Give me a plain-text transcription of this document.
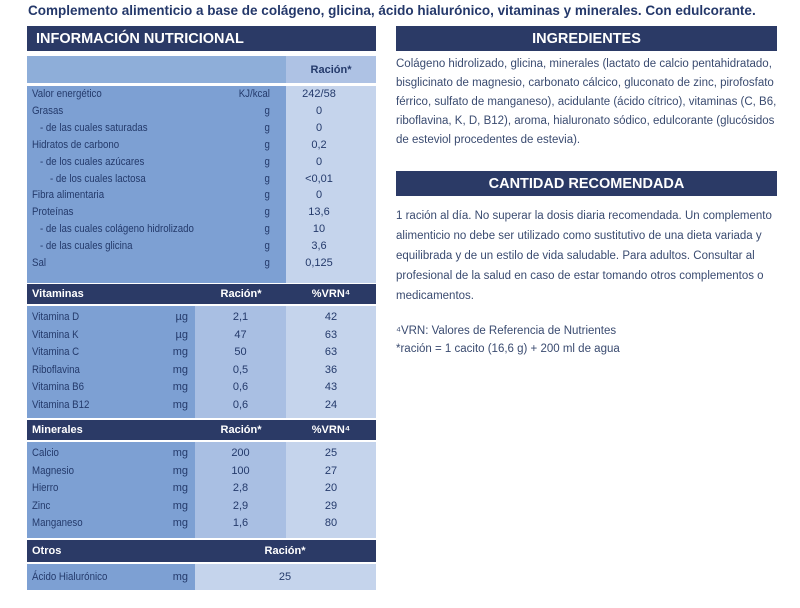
Complemento alimenticio a base de colágeno, glicina, ácido hialurónico, vitaminas y minerales. Con edulcorante.
INFORMACIÓN NUTRICIONAL
Ración*
Valor energético	KJ/kcal	242/58
Grasas	g	0
- de las cuales saturadas	g	0
Hidratos de carbono	g	0,2
- de los cuales azúcares	g	0
- de los cuales lactosa	g	<0,01
Fibra alimentaria	g	0
Proteínas	g	13,6
- de las cuales colágeno hidrolizado	g	10
- de las cuales glicina	g	3,6
Sal	g	0,125
Vitaminas	Ración*	%VRN⁴
Vitamina D	µg	2,1	42
Vitamina K	µg	47	63
Vitamina C	mg	50	63
Riboflavina	mg	0,5	36
Vitamina B6	mg	0,6	43
Vitamina B12	mg	0,6	24
Minerales	Ración*	%VRN⁴
Calcio	mg	200	25
Magnesio	mg	100	27
Hierro	mg	2,8	20
Zinc	mg	2,9	29
Manganeso	mg	1,6	80
Otros	Ración*
Ácido Hialurónico	mg	25
INGREDIENTES
Colágeno hidrolizado, glicina, minerales (lactato de calcio pentahidratado, bisglicinato de magnesio, carbonato cálcico, gluconato de zinc, pirofosfato férrico, sulfato de manganeso), acidulante (ácido cítrico), vitaminas (C, B6, riboflavina, K, D, B12), aroma, hialuronato sódico, edulcorante (glucósidos de esteviol procedentes de estevia).
CANTIDAD RECOMENDADA
1 ración al día. No superar la dosis diaria recomendada. Un complemento alimenticio no debe ser utilizado como sustitutivo de una dieta variada y equilibrada y de un estilo de vida saludable. Para adultos. Consultar al profesional de la salud en caso de estar tomando otros complementos o medicamentos.
⁴VRN: Valores de Referencia de Nutrientes
*ración = 1 cacito (16,6 g) + 200 ml de agua
